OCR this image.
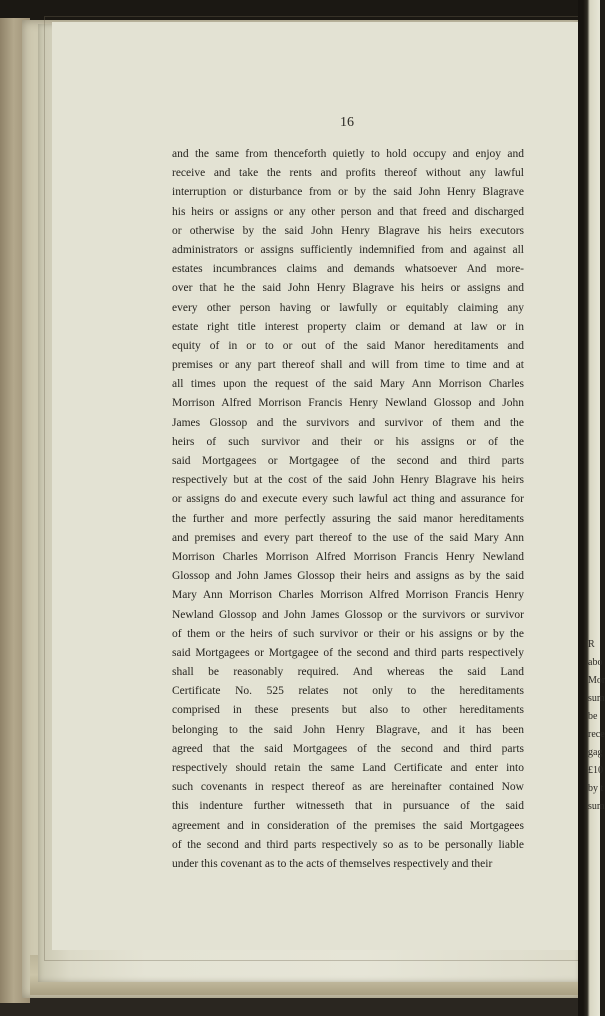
16
and the same from thenceforth quietly to hold occupy and enjoy and
receive and take the rents and profits thereof without any lawful
interruption or disturbance from or by the said John Henry Blagrave
his heirs or assigns or any other person and that freed and discharged
or otherwise by the said John Henry Blagrave his heirs executors
administrators or assigns sufficiently indemnified from and against all
estates incumbrances claims and demands whatsoever And more-
over that he the said John Henry Blagrave his heirs or assigns and
every other person having or lawfully or equitably claiming any
estate right title interest property claim or demand at law or in
equity of in or to or out of the said Manor hereditaments and
premises or any part thereof shall and will from time to time and at
all times upon the request of the said Mary Ann Morrison Charles
Morrison Alfred Morrison Francis Henry Newland Glossop and John
James Glossop and the survivors and survivor of them and the
heirs of such survivor and their or his assigns or of the
said Mortgagees or Mortgagee of the second and third parts
respectively but at the cost of the said John Henry Blagrave his heirs
or assigns do and execute every such lawful act thing and assurance for
the further and more perfectly assuring the said manor hereditaments
and premises and every part thereof to the use of the said Mary Ann
Morrison Charles Morrison Alfred Morrison Francis Henry Newland
Glossop and John James Glossop their heirs and assigns as by the said
Mary Ann Morrison Charles Morrison Alfred Morrison Francis Henry
Newland Glossop and John James Glossop or the survivors or survivor
of them or the heirs of such survivor or their or his assigns or by the
said Mortgagees or Mortgagee of the second and third parts respectively
shall be reasonably required. And whereas the said Land
Certificate No. 525 relates not only to the hereditaments
comprised in these presents but also to other hereditaments
belonging to the said John Henry Blagrave, and it has been
agreed that the said Mortgagees of the second and third parts
respectively should retain the same Land Certificate and enter into
such covenants in respect thereof as are hereinafter contained Now
this indenture further witnesseth that in pursuance of the said
agreement and in consideration of the premises the said Mortgagees
of the second and third parts respectively so as to be personally liable
under this covenant as to the acts of themselves respectively and their
R
abo
Mor
sum
be
rece
gag
£10
by t
sum
